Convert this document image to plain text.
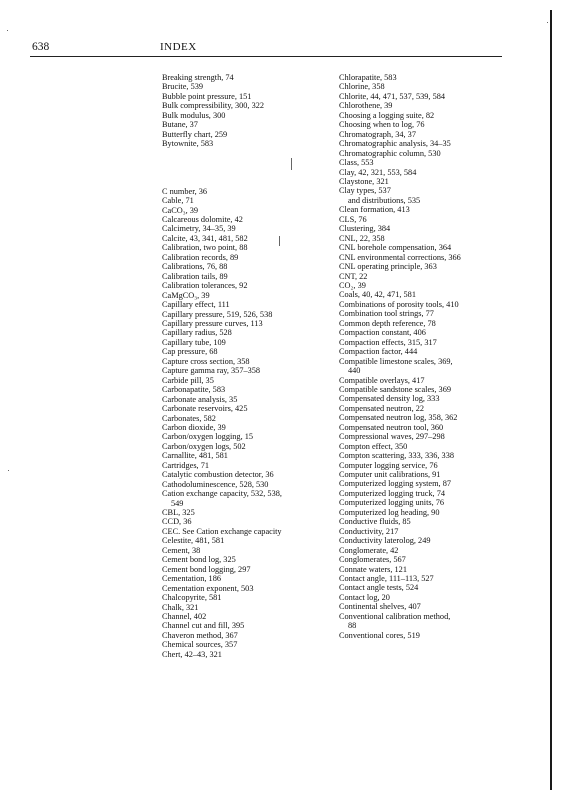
638	INDEX
Breaking strength, 74
Brucite, 539
Bubble point pressure, 151
Bulk compressibility, 300, 322
Bulk modulus, 300
Butane, 37
Butterfly chart, 259
Bytownite, 583
C number, 36
Cable, 71
CaCO₃, 39
Calcareous dolomite, 42
Calcimetry, 34–35, 39
Calcite, 43, 341, 481, 582
Calibration, two point, 88
Calibration records, 89
Calibrations, 76, 88
Calibration tails, 89
Calibration tolerances, 92
CaMgCO₃, 39
Capillary effect, 111
Capillary pressure, 519, 526, 538
Capillary pressure curves, 113
Capillary radius, 528
Capillary tube, 109
Cap pressure, 68
Capture cross section, 358
Capture gamma ray, 357–358
Carbide pill, 35
Carbonapatite, 583
Carbonate analysis, 35
Carbonate reservoirs, 425
Carbonates, 582
Carbon dioxide, 39
Carbon/oxygen logging, 15
Carbon/oxygen logs, 502
Carnallite, 481, 581
Cartridges, 71
Catalytic combustion detector, 36
Cathodoluminescence, 528, 530
Cation exchange capacity, 532, 538,
549
CBL, 325
CCD, 36
CEC. See Cation exchange capacity
Celestite, 481, 581
Cement, 38
Cement bond log, 325
Cement bond logging, 297
Cementation, 186
Cementation exponent, 503
Chalcopyrite, 581
Chalk, 321
Channel, 402
Channel cut and fill, 395
Chaveron method, 367
Chemical sources, 357
Chert, 42–43, 321
Chlorapatite, 583
Chlorine, 358
Chlorite, 44, 471, 537, 539, 584
Chlorothene, 39
Choosing a logging suite, 82
Choosing when to log, 76
Chromatograph, 34, 37
Chromatographic analysis, 34–35
Chromatographic column, 530
Class, 553
Clay, 42, 321, 553, 584
Claystone, 321
Clay types, 537
and distributions, 535
Clean formation, 413
CLS, 76
Clustering, 384
CNL, 22, 358
CNL borehole compensation, 364
CNL environmental corrections, 366
CNL operating principle, 363
CNT, 22
CO₂, 39
Coals, 40, 42, 471, 581
Combinations of porosity tools, 410
Combination tool strings, 77
Common depth reference, 78
Compaction constant, 406
Compaction effects, 315, 317
Compaction factor, 444
Compatible limestone scales, 369,
440
Compatible overlays, 417
Compatible sandstone scales, 369
Compensated density log, 333
Compensated neutron, 22
Compensated neutron log, 358, 362
Compensated neutron tool, 360
Compressional waves, 297–298
Compton effect, 350
Compton scattering, 333, 336, 338
Computer logging service, 76
Computer unit calibrations, 91
Computerized logging system, 87
Computerized logging truck, 74
Computerized logging units, 76
Computerized log heading, 90
Conductive fluids, 85
Conductivity, 217
Conductivity laterolog, 249
Conglomerate, 42
Conglomerates, 567
Connate waters, 121
Contact angle, 111–113, 527
Contact angle tests, 524
Contact log, 20
Continental shelves, 407
Conventional calibration method,
88
Conventional cores, 519
